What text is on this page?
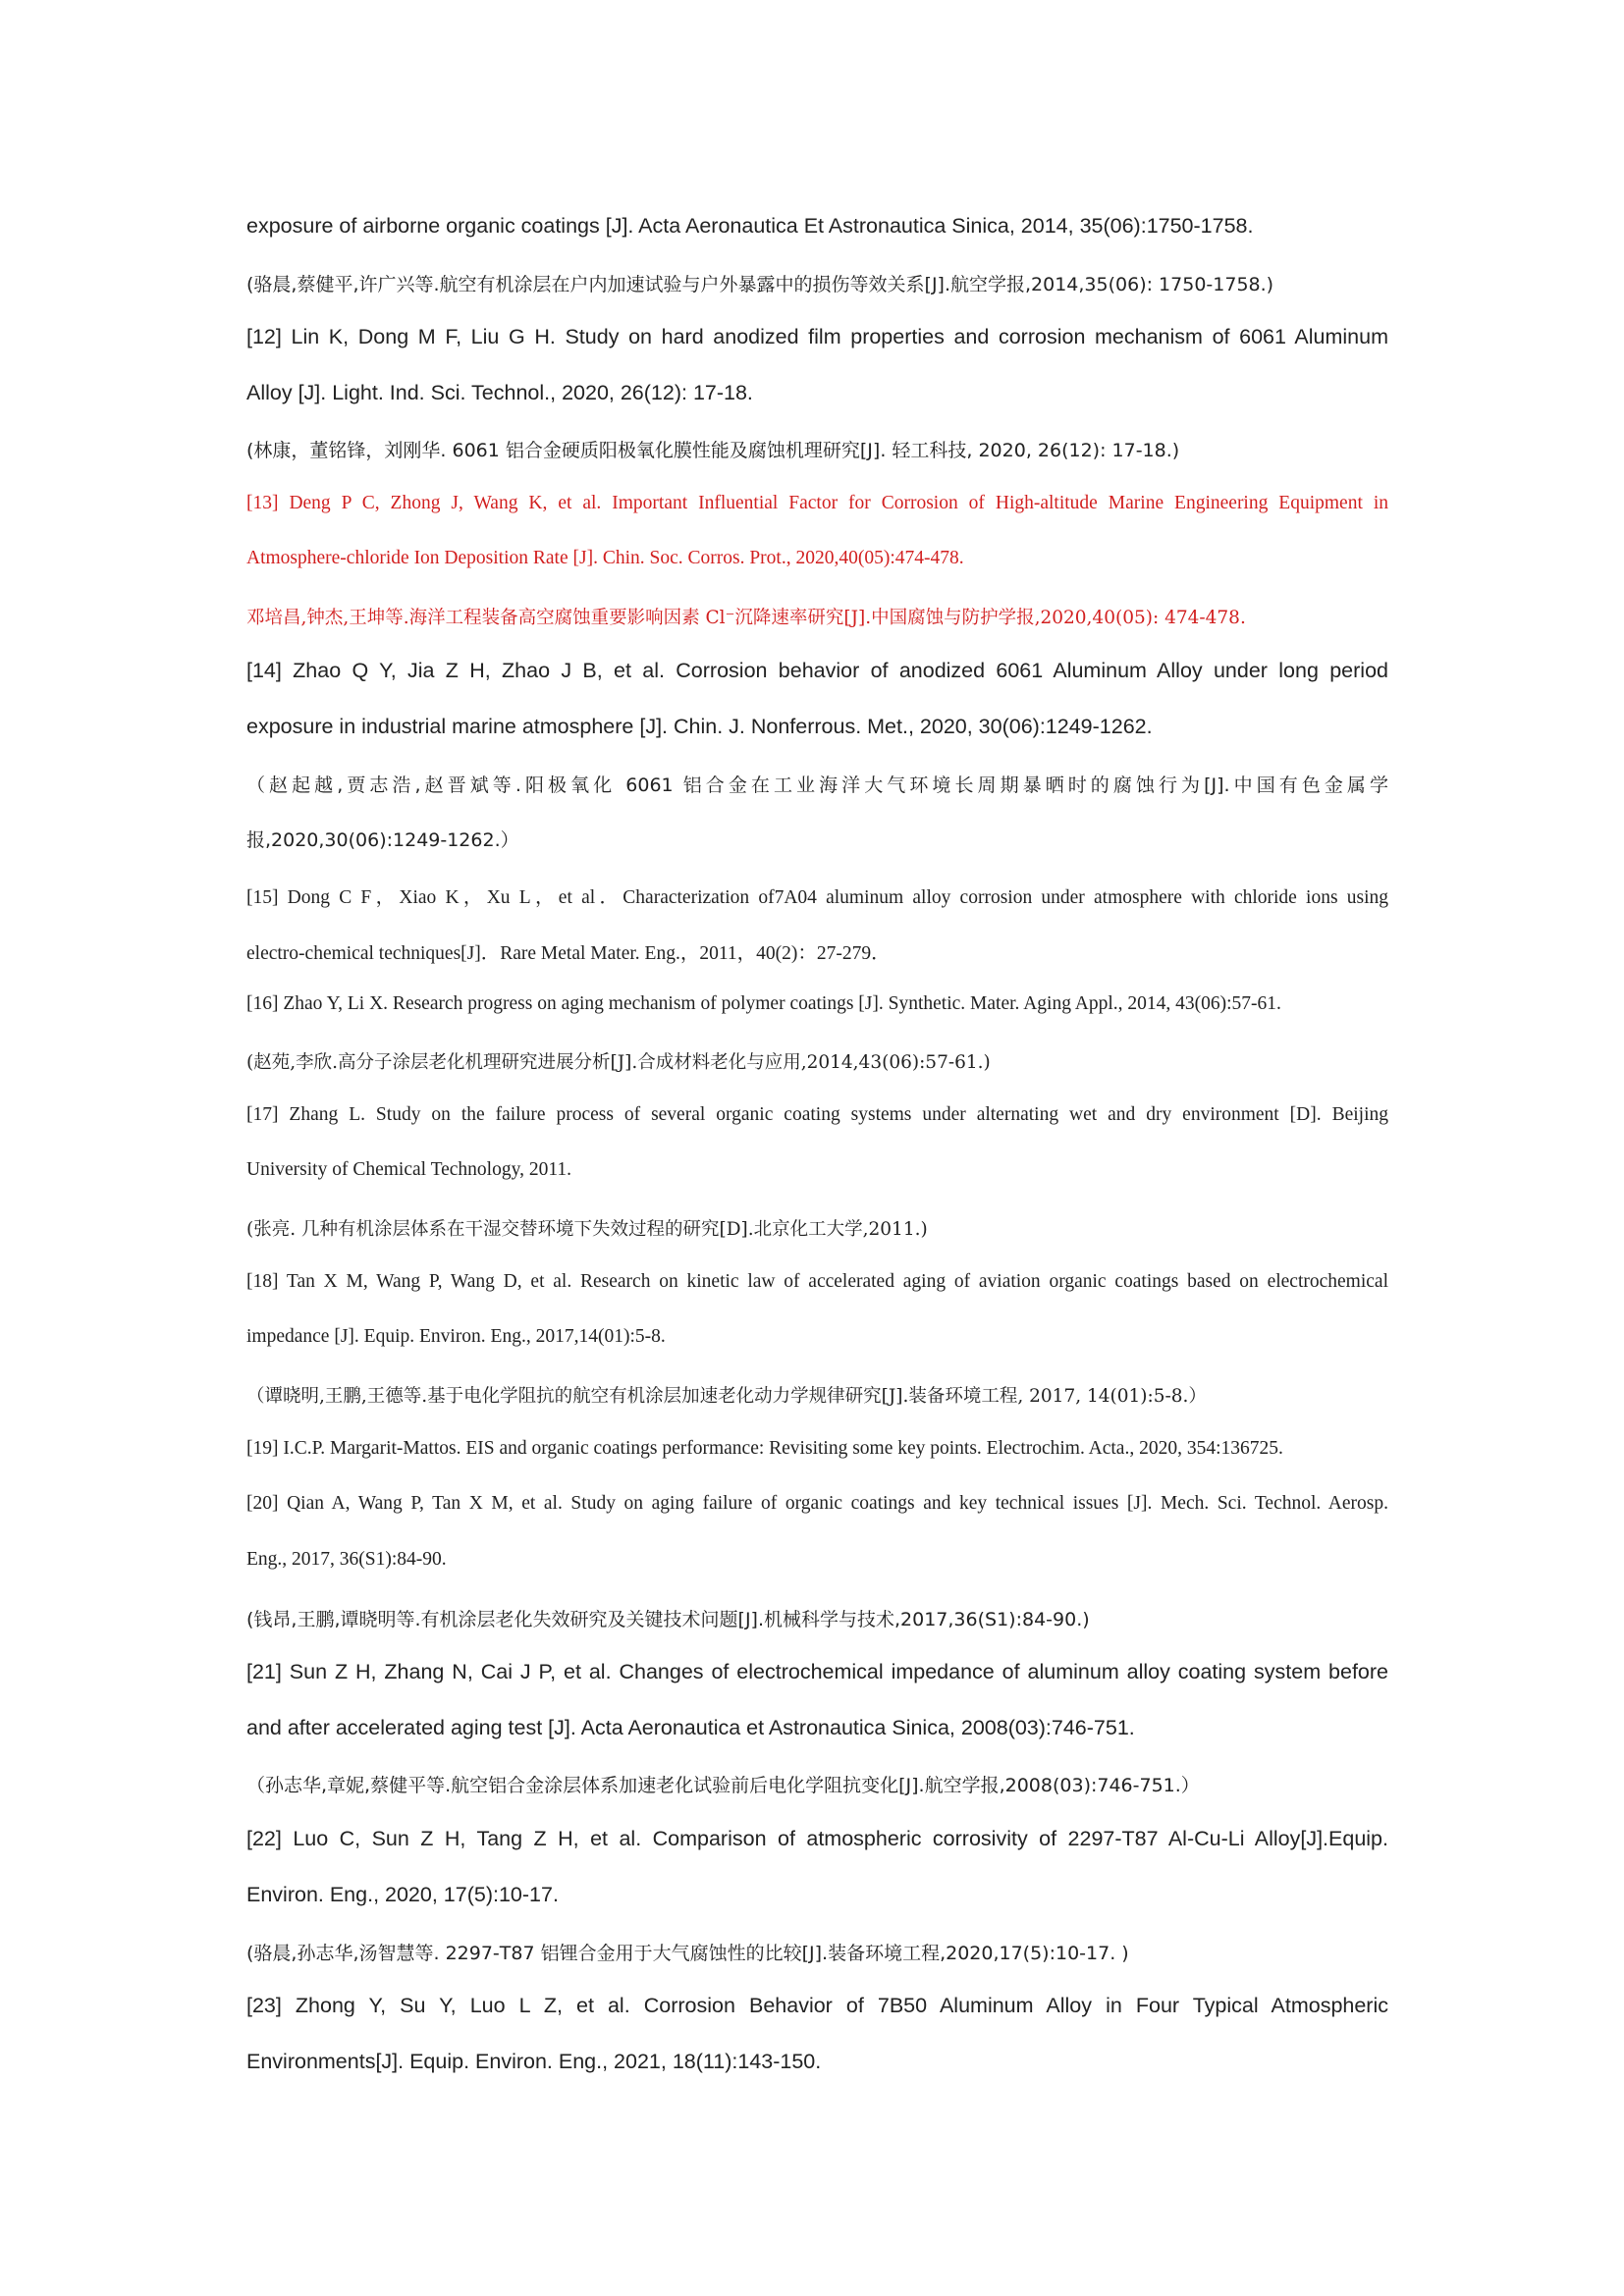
exposure of airborne organic coatings [J]. Acta Aeronautica Et Astronautica Sinica, 2014, 35(06):1750-1758.
(骆晨,蔡健平,许广兴等.航空有机涂层在户内加速试验与户外暴露中的损伤等效关系[J].航空学报,2014,35(06): 1750-1758.)
[12] Lin K, Dong M F, Liu G H. Study on hard anodized film properties and corrosion mechanism of 6061 Aluminum
Alloy [J]. Light. Ind. Sci. Technol., 2020, 26(12): 17-18.
(林康，董铭锋，刘刚华. 6061 铝合金硬质阳极氧化膜性能及腐蚀机理研究[J]. 轻工科技, 2020, 26(12): 17-18.)
[13] Deng P C, Zhong J, Wang K, et al. Important Influential Factor for Corrosion of High-altitude Marine Engineering Equipment in
Atmosphere-chloride Ion Deposition Rate [J]. Chin. Soc. Corros. Prot., 2020,40(05):474-478.
邓培昌,钟杰,王坤等.海洋工程装备高空腐蚀重要影响因素 Cl⁻沉降速率研究[J].中国腐蚀与防护学报,2020,40(05): 474-478.
[14] Zhao Q Y, Jia Z H, Zhao J B, et al. Corrosion behavior of anodized 6061 Aluminum Alloy under long period
exposure in industrial marine atmosphere [J]. Chin. J. Nonferrous. Met., 2020, 30(06):1249-1262.
（赵起越,贾志浩,赵晋斌等.阳极氧化 6061 铝合金在工业海洋大气环境长周期暴晒时的腐蚀行为[J].中国有色金属学
报,2020,30(06):1249-1262.）
[15] Dong C F，Xiao K，Xu L，et al．Characterization of7A04 aluminum alloy corrosion under atmosphere with chloride ions using
electro-chemical techniques[J]．Rare Metal Mater. Eng.，2011，40(2)：27-279．
[16] Zhao Y, Li X. Research progress on aging mechanism of polymer coatings [J]. Synthetic. Mater. Aging Appl., 2014, 43(06):57-61.
(赵苑,李欣.高分子涂层老化机理研究进展分析[J].合成材料老化与应用,2014,43(06):57-61.)
[17] Zhang L. Study on the failure process of several organic coating systems under alternating wet and dry environment [D]. Beijing
University of Chemical Technology, 2011.
(张亮. 几种有机涂层体系在干湿交替环境下失效过程的研究[D].北京化工大学,2011.)
[18] Tan X M, Wang P, Wang D, et al. Research on kinetic law of accelerated aging of aviation organic coatings based on electrochemical
impedance [J]. Equip. Environ. Eng., 2017,14(01):5-8.
（谭晓明,王鹏,王德等.基于电化学阻抗的航空有机涂层加速老化动力学规律研究[J].装备环境工程, 2017, 14(01):5-8.）
[19] I.C.P. Margarit-Mattos. EIS and organic coatings performance: Revisiting some key points. Electrochim. Acta., 2020, 354:136725.
[20] Qian A, Wang P, Tan X M, et al. Study on aging failure of organic coatings and key technical issues [J]. Mech. Sci. Technol. Aerosp.
Eng., 2017, 36(S1):84-90.
(钱昂,王鹏,谭晓明等.有机涂层老化失效研究及关键技术问题[J].机械科学与技术,2017,36(S1):84-90.)
[21] Sun Z H, Zhang N, Cai J P, et al. Changes of electrochemical impedance of aluminum alloy coating system before
and after accelerated aging test [J]. Acta Aeronautica et Astronautica Sinica, 2008(03):746-751.
（孙志华,章妮,蔡健平等.航空铝合金涂层体系加速老化试验前后电化学阻抗变化[J].航空学报,2008(03):746-751.）
[22] Luo C, Sun Z H, Tang Z H, et al. Comparison of atmospheric corrosivity of 2297-T87 Al-Cu-Li Alloy[J].Equip.
Environ. Eng., 2020, 17(5):10-17.
(骆晨,孙志华,汤智慧等. 2297-T87 铝锂合金用于大气腐蚀性的比较[J].装备环境工程,2020,17(5):10-17. )
[23] Zhong Y, Su Y, Luo L Z, et al. Corrosion Behavior of 7B50 Aluminum Alloy in Four Typical Atmospheric
Environments[J]. Equip. Environ. Eng., 2021, 18(11):143-150.
